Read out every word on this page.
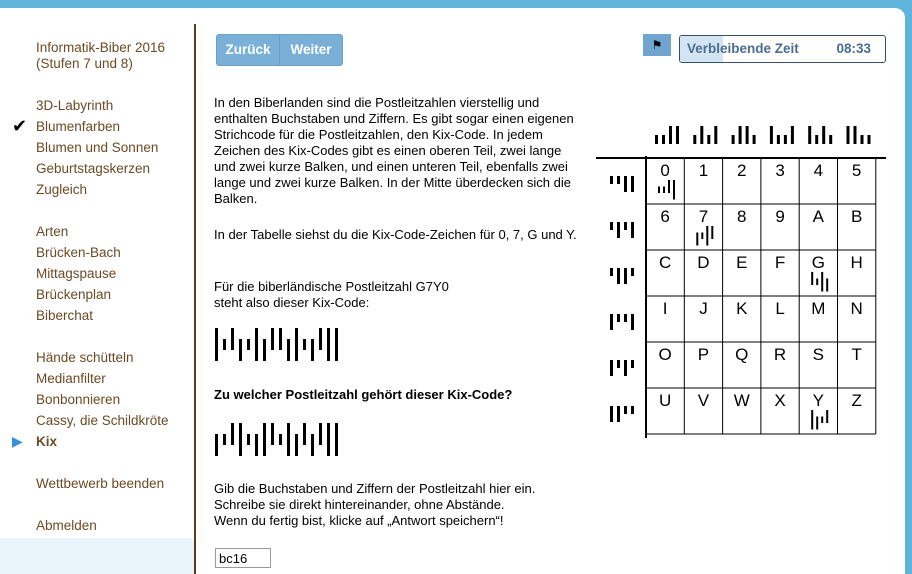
Informatik-Biber 2016
(Stufen 7 und 8)
3D-Labyrinth
✔ Blumenfarben
Blumen und Sonnen
Geburtstagskerzen
Zugleich
Arten
Brücken-Bach
Mittagspause
Brückenplan
Biberchat
Hände schütteln
Medianfilter
Bonbonnieren
Cassy, die Schildkröte
▶ Kix
Wettbewerb beenden
Abmelden
Zurück	Weiter	⚑	Verbleibende Zeit	08:33
In den Biberlanden sind die Postleitzahlen vierstellig und enthalten Buchstaben und Ziffern. Es gibt sogar einen eigenen Strichcode für die Postleitzahlen, den Kix-Code. In jedem Zeichen des Kix-Codes gibt es einen oberen Teil, zwei lange und zwei kurze Balken, und einen unteren Teil, ebenfalls zwei lange und zwei kurze Balken. In der Mitte überdecken sich die Balken.
In der Tabelle siehst du die Kix-Code-Zeichen für 0, 7, G und Y.
Für die biberländische Postleitzahl G7Y0
steht also dieser Kix-Code:
Zu welcher Postleitzahl gehört dieser Kix-Code?
Gib die Buchstaben und Ziffern der Postleitzahl hier ein.
Schreibe sie direkt hintereinander, ohne Abstände.
Wenn du fertig bist, klicke auf „Antwort speichern“!
bc16
0 1 2 3 4 5
6 7 8 9 A B
C D E F G H
I J K L M N
O P Q R S T
U V W X Y Z
